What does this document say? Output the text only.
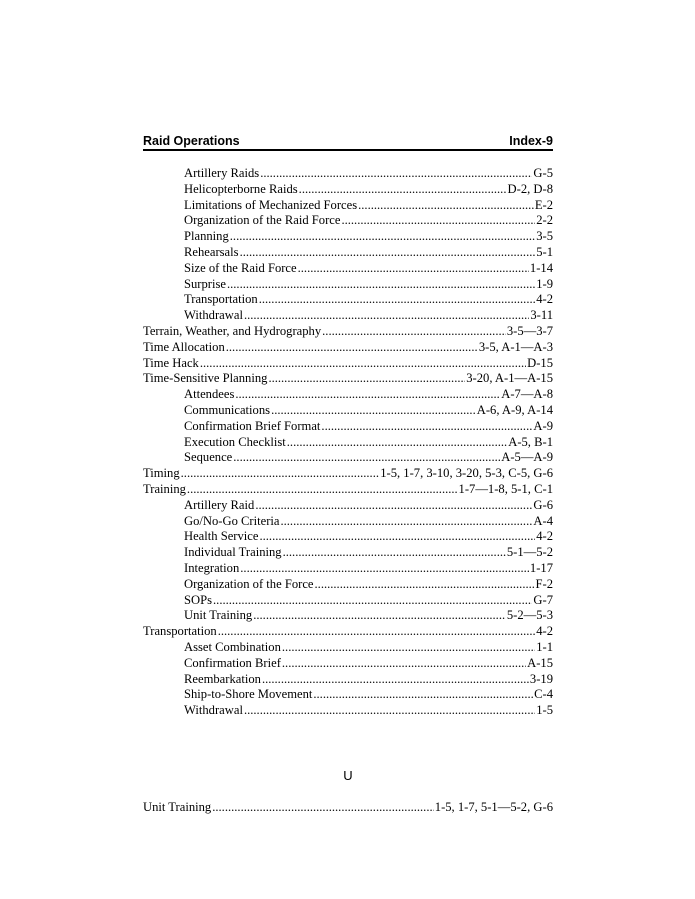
Raid Operations	Index-9
Artillery Raids .....	G-5
Helicopterborne Raids .....	D-2, D-8
Limitations of Mechanized Forces .....	E-2
Organization of the Raid Force .....	2-2
Planning .....	3-5
Rehearsals .....	5-1
Size of the Raid Force .....	1-14
Surprise .....	1-9
Transportation .....	4-2
Withdrawal .....	3-11
Terrain, Weather, and Hydrography .....	3-5—3-7
Time Allocation .....	3-5, A-1—A-3
Time Hack .....	D-15
Time-Sensitive Planning .....	3-20, A-1—A-15
Attendees .....	A-7—A-8
Communications .....	A-6, A-9, A-14
Confirmation Brief Format .....	A-9
Execution Checklist .....	A-5, B-1
Sequence .....	A-5—A-9
Timing .....	1-5, 1-7, 3-10, 3-20, 5-3, C-5, G-6
Training .....	1-7—1-8, 5-1, C-1
Artillery Raid .....	G-6
Go/No-Go Criteria .....	A-4
Health Service .....	4-2
Individual Training .....	5-1—5-2
Integration .....	1-17
Organization of the Force .....	F-2
SOPs .....	G-7
Unit Training .....	5-2—5-3
Transportation .....	4-2
Asset Combination .....	1-1
Confirmation Brief .....	A-15
Reembarkation .....	3-19
Ship-to-Shore Movement .....	C-4
Withdrawal .....	1-5
U
Unit Training .....	1-5, 1-7, 5-1—5-2, G-6
